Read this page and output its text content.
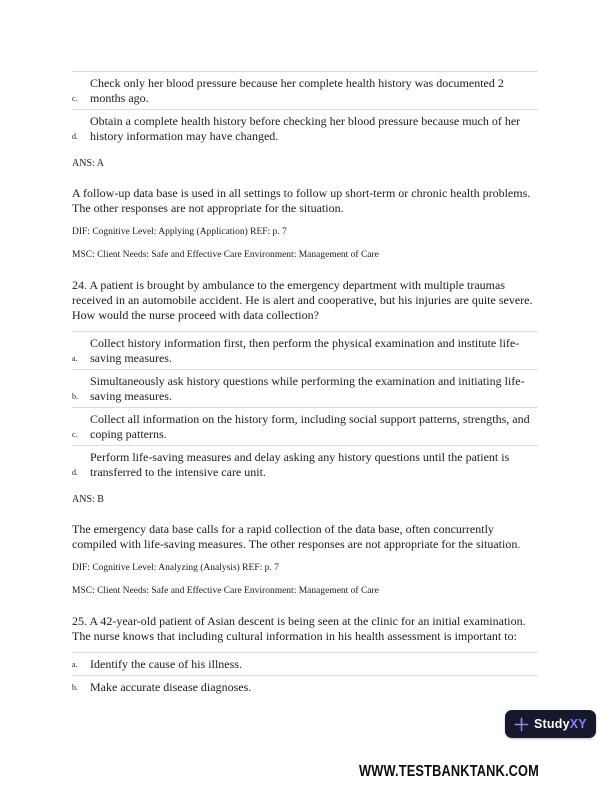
c.
Check only her blood pressure because her complete health history was documented 2 months ago.
d.
Obtain a complete health history before checking her blood pressure because much of her history information may have changed.
ANS: A

A follow-up data base is used in all settings to follow up short-term or chronic health problems. The other responses are not appropriate for the situation.

DIF: Cognitive Level: Applying (Application) REF: p. 7
MSC: Client Needs: Safe and Effective Care Environment: Management of Care

24. A patient is brought by ambulance to the emergency department with multiple traumas received in an automobile accident. He is alert and cooperative, but his injuries are quite severe. How would the nurse proceed with data collection?

a.
Collect history information first, then perform the physical examination and institute life-saving measures.
b.
Simultaneously ask history questions while performing the examination and initiating life-saving measures.
c.
Collect all information on the history form, including social support patterns, strengths, and coping patterns.
d.
Perform life-saving measures and delay asking any history questions until the patient is transferred to the intensive care unit.
ANS: B

The emergency data base calls for a rapid collection of the data base, often concurrently compiled with life-saving measures. The other responses are not appropriate for the situation.

DIF: Cognitive Level: Analyzing (Analysis) REF: p. 7
MSC: Client Needs: Safe and Effective Care Environment: Management of Care

25. A 42-year-old patient of Asian descent is being seen at the clinic for an initial examination. The nurse knows that including cultural information in his health assessment is important to:

a.	Identify the cause of his illness.
b.	Make accurate disease diagnoses.
StudyXY
WWW.TESTBANKTANK.COM
